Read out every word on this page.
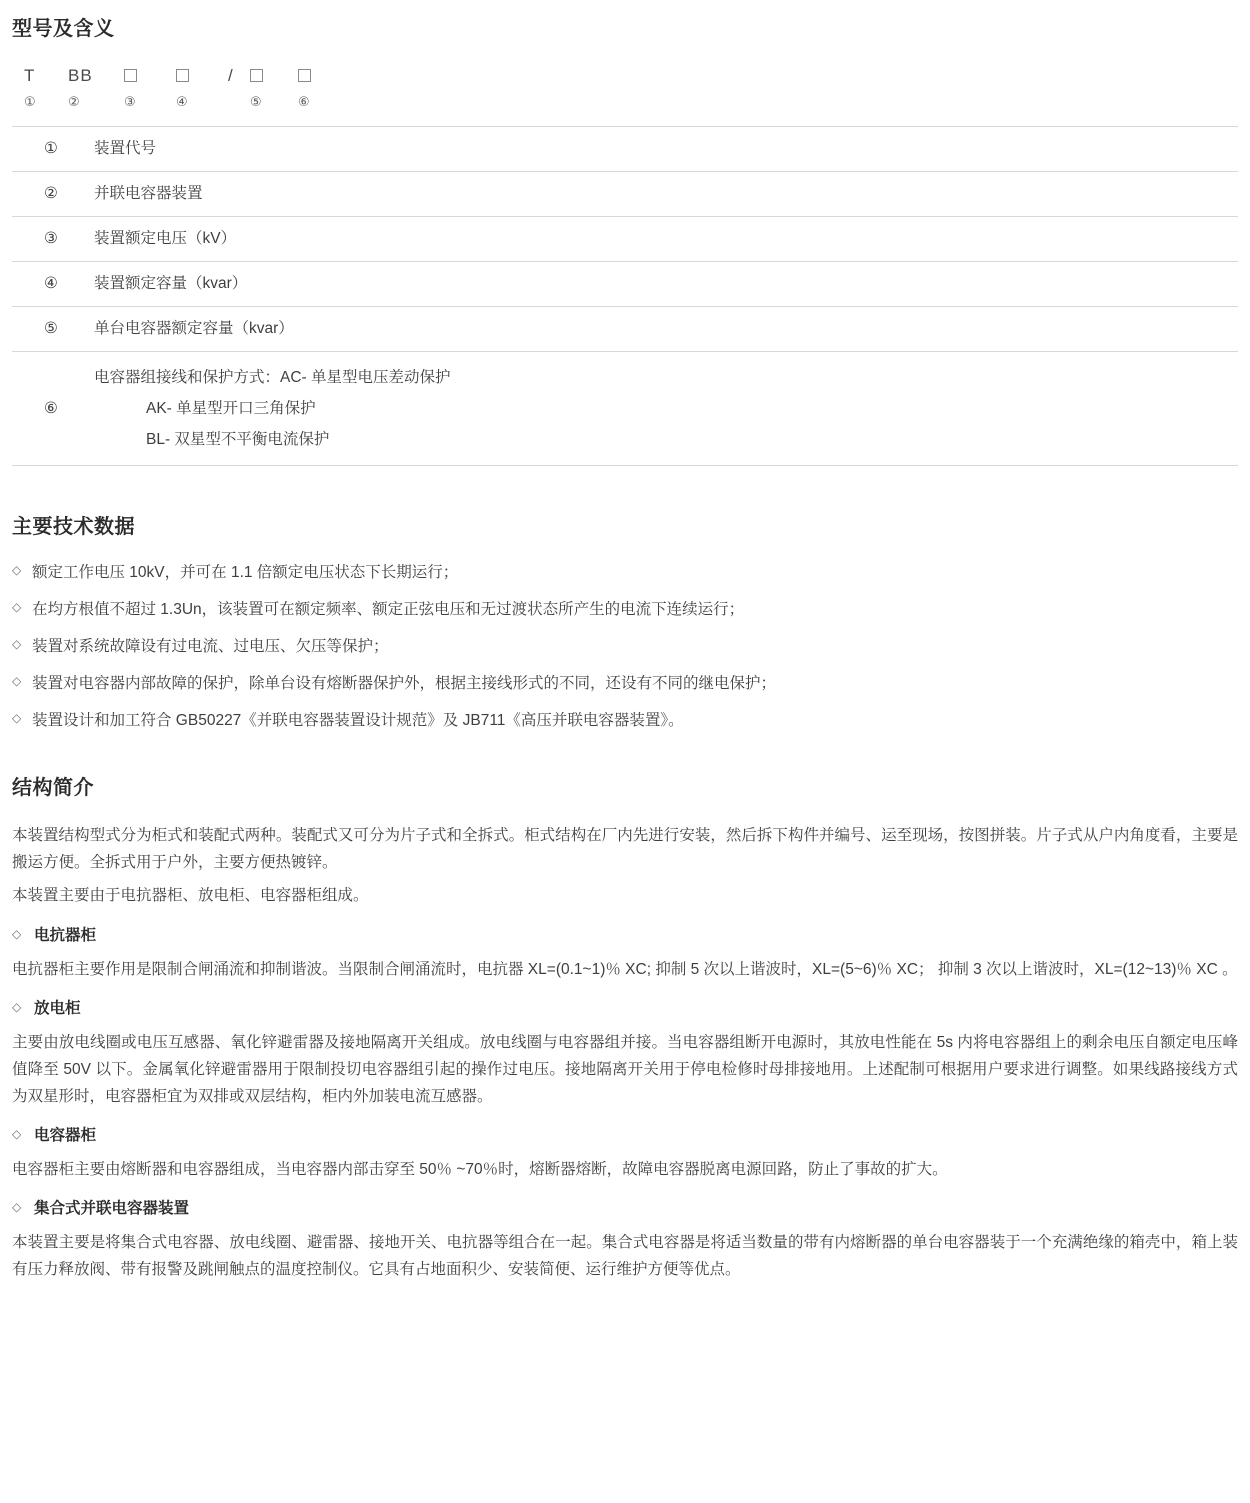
型号及含义
T	BB	/
①	②	③	④	⑤	⑥
①	装置代号
②	并联电容器装置
③	装置额定电压（kV）
④	装置额定容量（kvar）
⑤	单台电容器额定容量（kvar）
⑥	电容器组接线和保护方式：AC- 单星型电压差动保护
AK- 单星型开口三角保护
BL- 双星型不平衡电流保护
主要技术数据
◇ 额定工作电压 10kV，并可在 1.1 倍额定电压状态下长期运行；
◇ 在均方根值不超过 1.3Un，该装置可在额定频率、额定正弦电压和无过渡状态所产生的电流下连续运行；
◇ 装置对系统故障设有过电流、过电压、欠压等保护；
◇ 装置对电容器内部故障的保护，除单台设有熔断器保护外，根据主接线形式的不同，还设有不同的继电保护；
◇ 装置设计和加工符合 GB50227《并联电容器装置设计规范》及 JB711《高压并联电容器装置》。
结构简介

本装置结构型式分为柜式和装配式两种。装配式又可分为片子式和全拆式。柜式结构在厂内先进行安装，然后拆下构件并编号、运至现场，按图拼装。片子式从户内角度看，主要是搬运方便。全拆式用于户外，主要方便热镀锌。

本装置主要由于电抗器柜、放电柜、电容器柜组成。

◇ 电抗器柜

电抗器柜主要作用是限制合闸涌流和抑制谐波。当限制合闸涌流时，电抗器 XL=(0.1~1)％ XC; 抑制 5 次以上谐波时，XL=(5~6)％ XC； 抑制 3 次以上谐波时，XL=(12~13)％ XC 。

◇ 放电柜

主要由放电线圈或电压互感器、氧化锌避雷器及接地隔离开关组成。放电线圈与电容器组并接。当电容器组断开电源时，其放电性能在 5s 内将电容器组上的剩余电压自额定电压峰值降至 50V 以下。金属氧化锌避雷器用于限制投切电容器组引起的操作过电压。接地隔离开关用于停电检修时母排接地用。上述配制可根据用户要求进行调整。如果线路接线方式为双星形时，电容器柜宜为双排或双层结构，柜内外加装电流互感器。

◇ 电容器柜

电容器柜主要由熔断器和电容器组成，当电容器内部击穿至 50％ ~70％时，熔断器熔断，故障电容器脱离电源回路，防止了事故的扩大。

◇ 集合式并联电容器装置

本装置主要是将集合式电容器、放电线圈、避雷器、接地开关、电抗器等组合在一起。集合式电容器是将适当数量的带有内熔断器的单台电容器装于一个充满绝缘的箱壳中，箱上装有压力释放阀、带有报警及跳闸触点的温度控制仪。它具有占地面积少、安装简便、运行维护方便等优点。
